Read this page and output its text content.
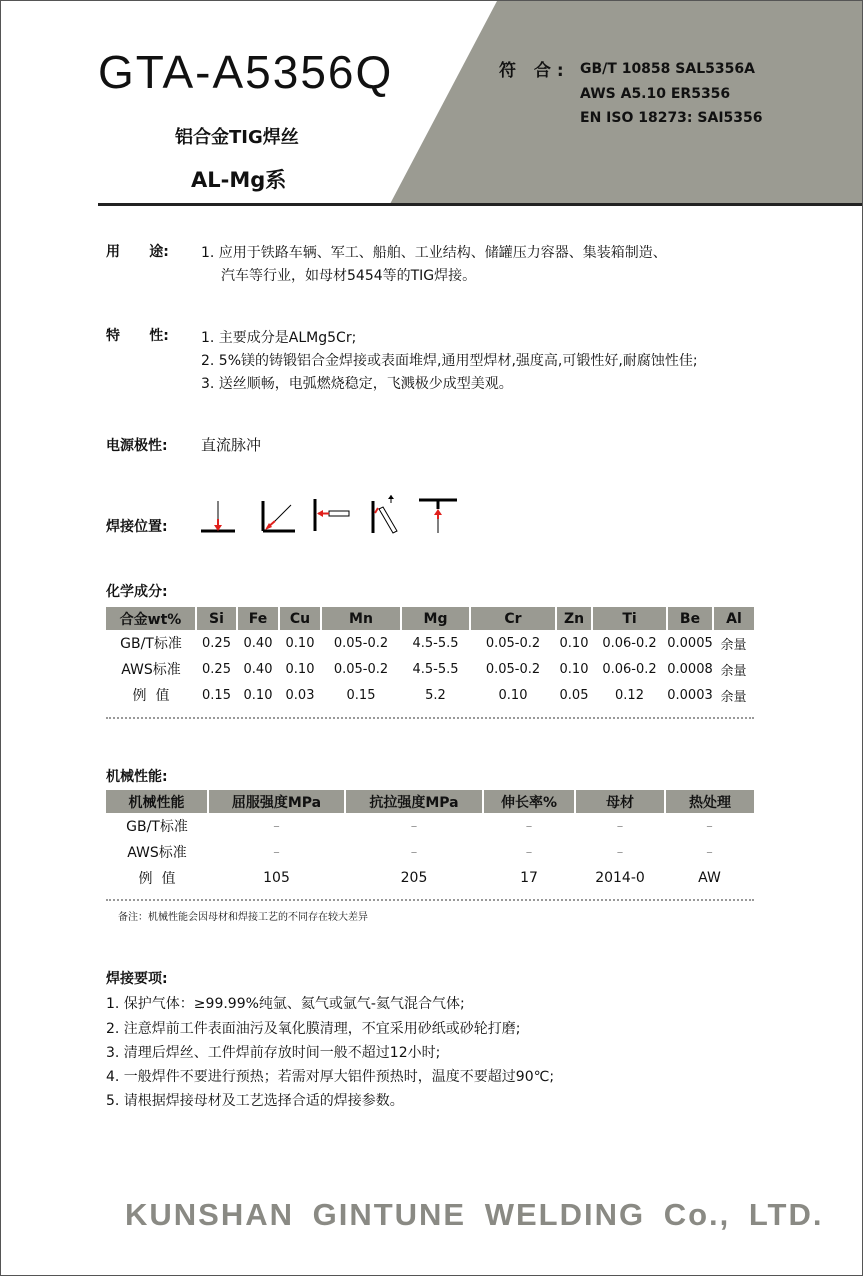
GTA-A5356Q
铝合金TIG焊丝
AL-Mg系
符 合: GB/T 10858 SAL5356A
AWS A5.10 ER5356
EN ISO 18273: SAI5356
用      途: 1. 应用于铁路车辆、军工、船舶、工业结构、储罐压力容器、集装箱制造、
汽车等行业，如母材5454等的TIG焊接。
特      性: 1. 主要成分是ALMg5Cr;
2. 5%镁的铸锻铝合金焊接或表面堆焊,通用型焊材,强度高,可锻性好,耐腐蚀性佳;
3. 送丝顺畅，电弧燃烧稳定，飞溅极少成型美观。
电源极性: 直流脉冲
焊接位置:
化学成分:
合金wt%	Si	Fe	Cu	Mn	Mg	Cr	Zn	Ti	Be	Al
GB/T标准	0.25	0.40	0.10	0.05-0.2	4.5-5.5	0.05-0.2	0.10	0.06-0.2	0.0005	余量
AWS标准	0.25	0.40	0.10	0.05-0.2	4.5-5.5	0.05-0.2	0.10	0.06-0.2	0.0008	余量
例  值	0.15	0.10	0.03	0.15	5.2	0.10	0.05	0.12	0.0003	余量
机械性能:
机械性能	屈服强度MPa	抗拉强度MPa	伸长率%	母材	热处理
GB/T标准	–	–	–	–	–
AWS标准	–	–	–	–	–
例  值	105	205	17	2014-0	AW
备注：机械性能会因母材和焊接工艺的不同存在较大差异
焊接要项:
1. 保护气体：≥99.99%纯氩、氦气或氩气-氦气混合气体;
2. 注意焊前工件表面油污及氧化膜清理，不宜采用砂纸或砂轮打磨;
3. 清理后焊丝、工件焊前存放时间一般不超过12小时;
4. 一般焊件不要进行预热；若需对厚大铝件预热时，温度不要超过90℃;
5. 请根据焊接母材及工艺选择合适的焊接参数。
KUNSHAN GINTUNE WELDING Co., LTD.
